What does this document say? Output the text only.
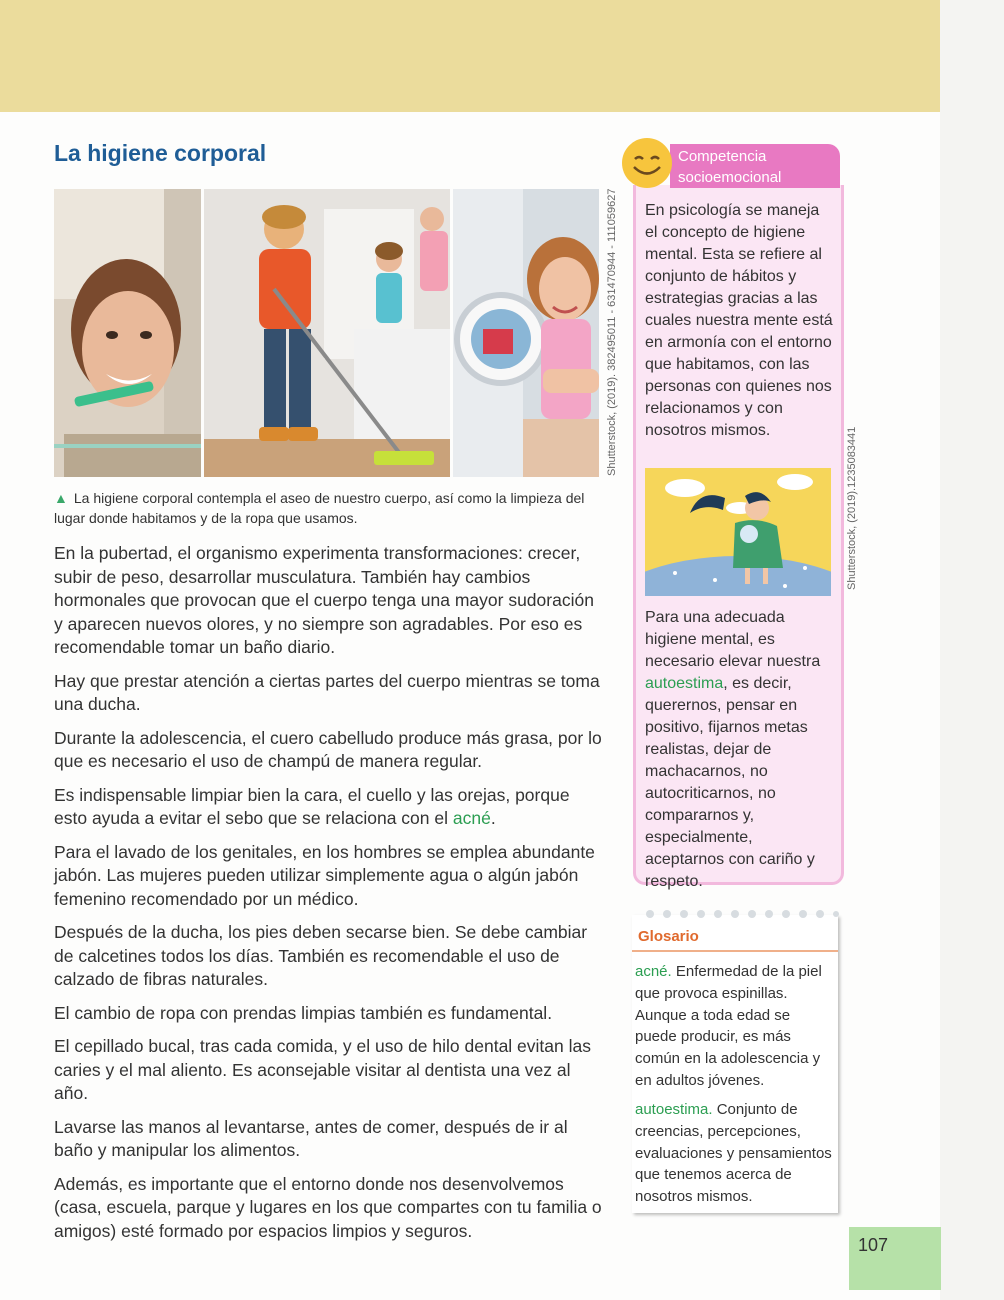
La higiene corporal
Shutterstock, (2019). 382495011 - 631470944 - 111059627
▲ La higiene corporal contempla el aseo de nuestro cuerpo, así como la limpieza del lugar donde habitamos y de la ropa que usamos.

En la pubertad, el organismo experimenta transformaciones: crecer, subir de peso, desarrollar musculatura. También hay cambios hormonales que provocan que el cuerpo tenga una mayor sudoración y aparecen nuevos olores, y no siempre son agradables. Por eso es recomendable tomar un baño diario.

Hay que prestar atención a ciertas partes del cuerpo mientras se toma una ducha.

Durante la adolescencia, el cuero cabelludo produce más grasa, por lo que es necesario el uso de champú de manera regular.

Es indispensable limpiar bien la cara, el cuello y las orejas, porque esto ayuda a evitar el sebo que se relaciona con el acné.

Para el lavado de los genitales, en los hombres se emplea abundante jabón. Las mujeres pueden utilizar simplemente agua o algún jabón femenino recomendado por un médico.

Después de la ducha, los pies deben secarse bien. Se debe cambiar de calcetines todos los días. También es recomendable el uso de calzado de fibras naturales.

El cambio de ropa con prendas limpias también es fundamental.

El cepillado bucal, tras cada comida, y el uso de hilo dental evitan las caries y el mal aliento. Es aconsejable visitar al dentista una vez al año.

Lavarse las manos al levantarse, antes de comer, después de ir al baño y manipular los alimentos.

Además, es importante que el entorno donde nos desenvolvemos (casa, escuela, parque y lugares en los que compartes con tu familia o amigos) esté formado por espacios limpios y seguros.

Competencia
socioemocional

En psicología se maneja el concepto de higiene mental. Esta se refiere al conjunto de hábitos y estrategias gracias a las cuales nuestra mente está en armonía con el entorno que habitamos, con las personas con quienes nos relacionamos y con nosotros mismos.	Shutterstock, (2019).1235083441

Para una adecuada higiene mental, es necesario elevar nuestra autoestima, es decir, querernos, pensar en positivo, fijarnos metas realistas, dejar de machacarnos, no autocriticarnos, no compararnos y, especialmente, aceptarnos con cariño y respeto.

Glosario

acné. Enfermedad de la piel que provoca espinillas. Aunque a toda edad se puede producir, es más común en la adolescencia y en adultos jóvenes.

autoestima. Conjunto de creencias, percepciones, evaluaciones y pensamientos que tenemos acerca de nosotros mismos.

107
